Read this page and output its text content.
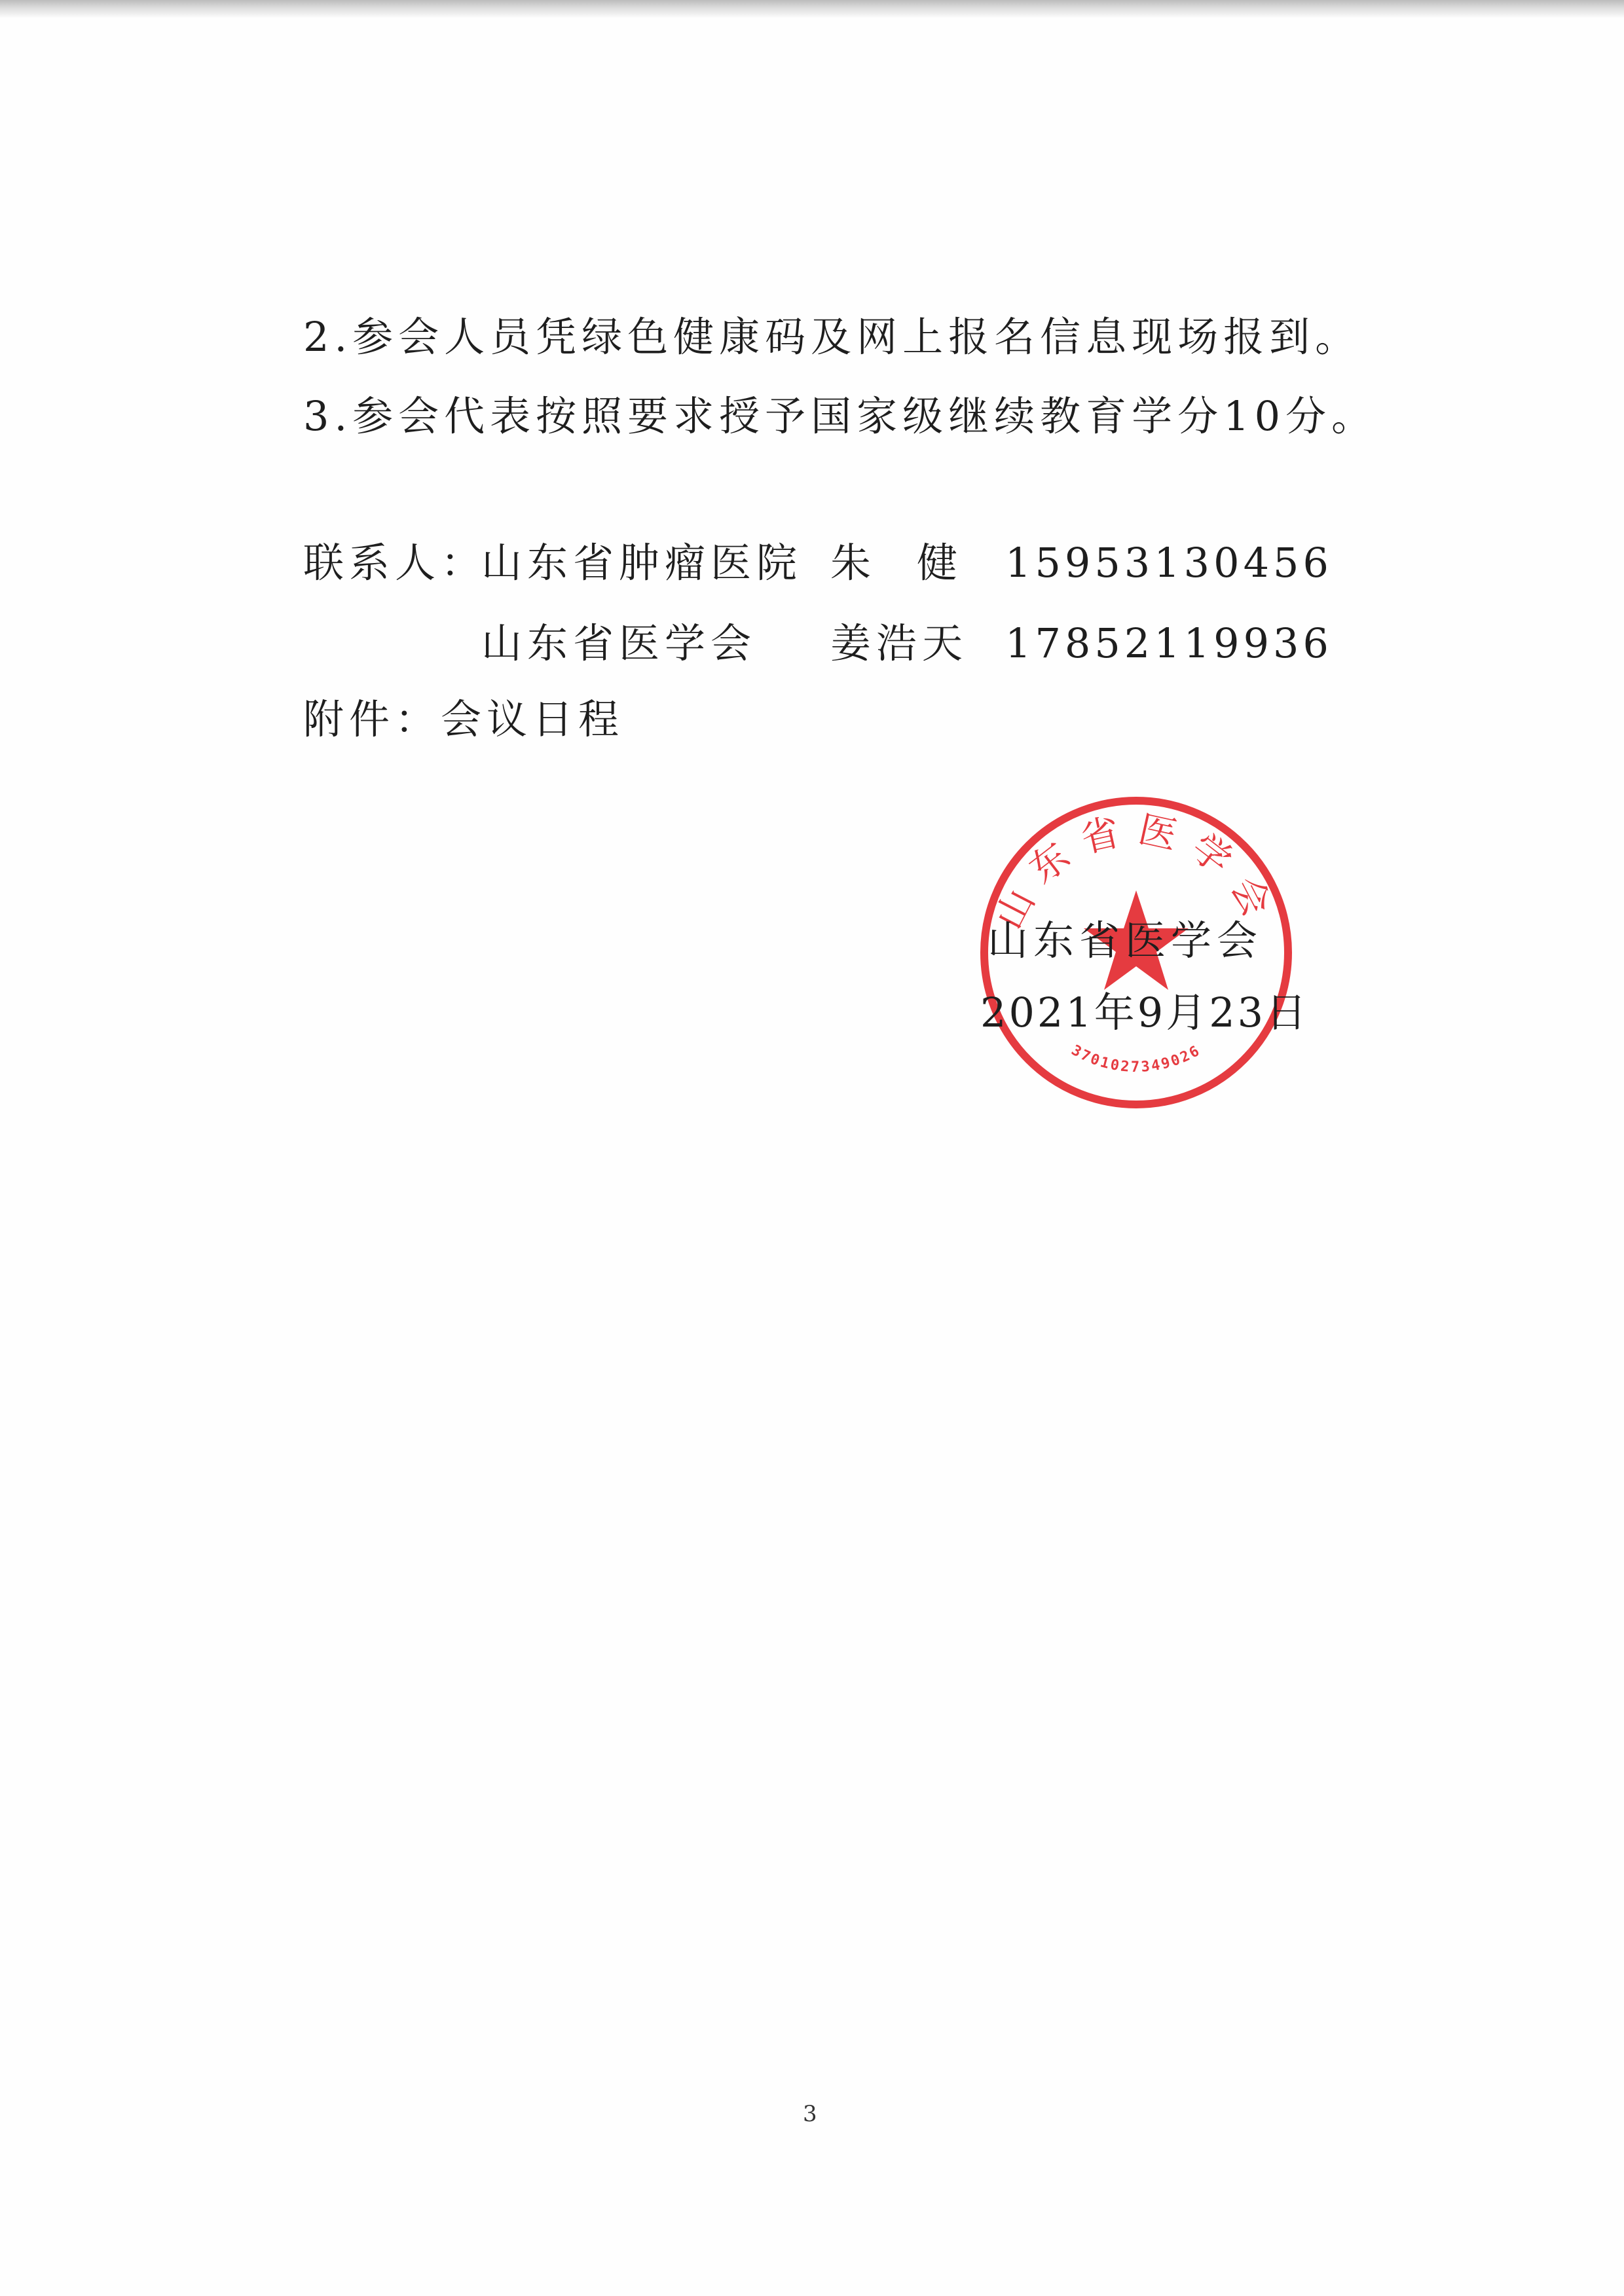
2.参会人员凭绿色健康码及网上报名信息现场报到。
3.参会代表按照要求授予国家级继续教育学分10分。
联系人：
山东省肿瘤医院 朱健 15953130456
山东省医学会 姜浩天 17852119936
附件：会议日程
山东省医学会
3701027349026
山东省医学会
2021年9月23日
3
